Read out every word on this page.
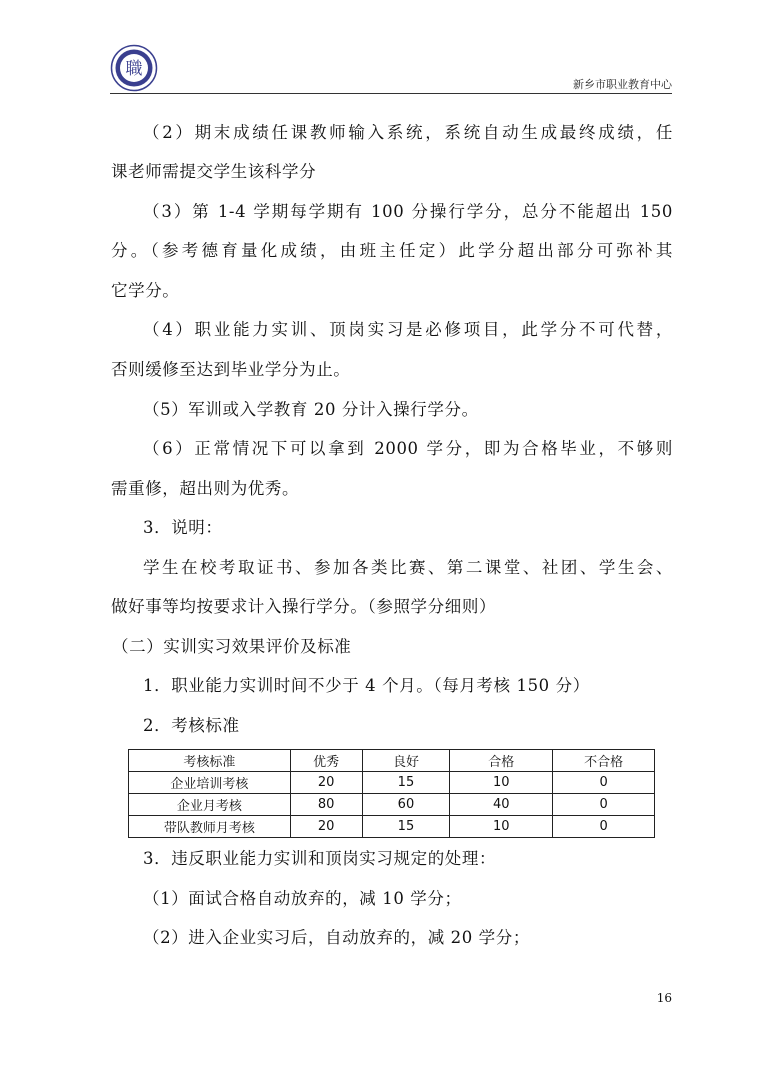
職
新乡市职业教育中心

（2）期末成绩任课教师输入系统，系统自动生成最终成绩，任

课老师需提交学生该科学分

（3）第 1-4 学期每学期有 100 分操行学分，总分不能超出 150

分。（参考德育量化成绩，由班主任定）此学分超出部分可弥补其

它学分。

（4）职业能力实训、顶岗实习是必修项目，此学分不可代替，

否则缓修至达到毕业学分为止。

（5）军训或入学教育 20 分计入操行学分。

（6）正常情况下可以拿到 2000 学分，即为合格毕业，不够则

需重修，超出则为优秀。

3．说明：

学生在校考取证书、参加各类比赛、第二课堂、社团、学生会、

做好事等均按要求计入操行学分。（参照学分细则）

（二）实训实习效果评价及标准

1．职业能力实训时间不少于 4 个月。（每月考核 150 分）

2．考核标准

考核标准	优秀	良好	合格	不合格
企业培训考核	20	15	10	0
企业月考核	80	60	40	0
带队教师月考核	20	15	10	0

3．违反职业能力实训和顶岗实习规定的处理：

（1）面试合格自动放弃的，减 10 学分；

（2）进入企业实习后，自动放弃的，减 20 学分；

16
